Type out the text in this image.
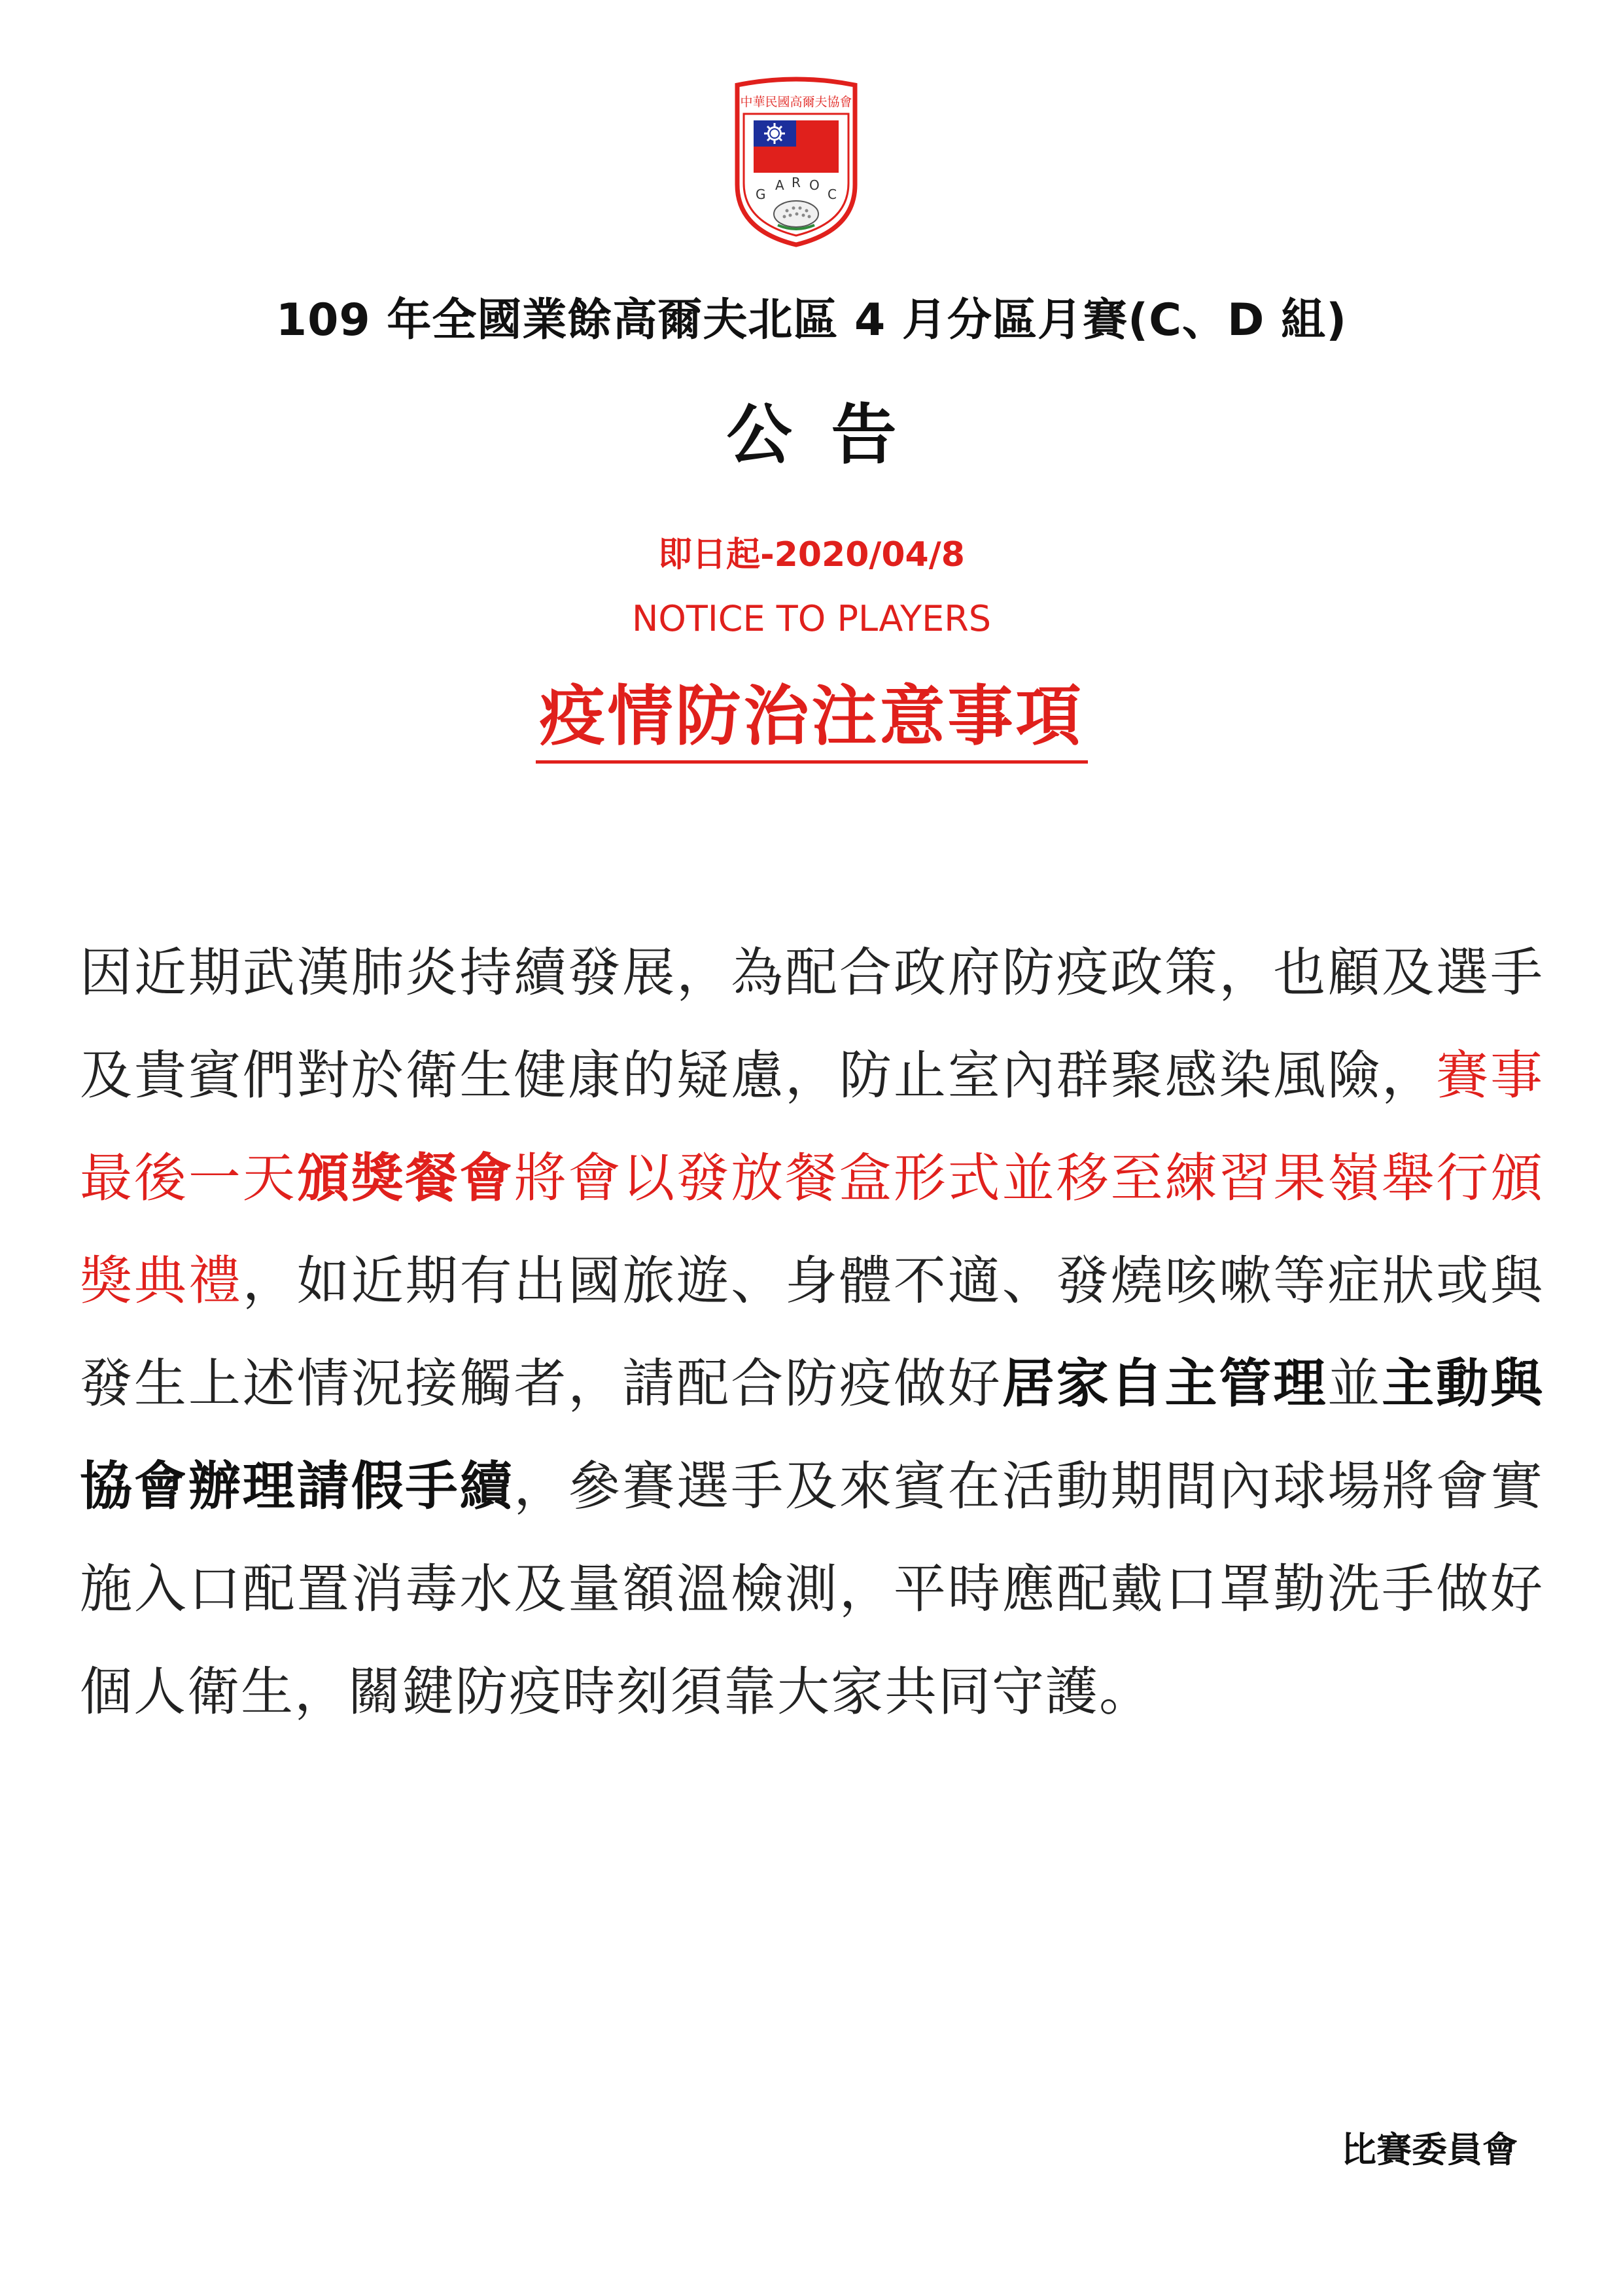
中華民國高爾夫協會
G
A R O
C
109 年全國業餘高爾夫北區 4 月分區月賽(C、D 組)
公告
即日起-2020/04/8
NOTICE TO PLAYERS
疫情防治注意事項
因近期武漢肺炎持續發展，為配合政府防疫政策，也顧及選手及貴賓們對於衛生健康的疑慮，防止室內群聚感染風險，賽事最後一天頒獎餐會將會以發放餐盒形式並移至練習果嶺舉行頒獎典禮，如近期有出國旅遊、身體不適、發燒咳嗽等症狀或與發生上述情況接觸者，請配合防疫做好居家自主管理並主動與協會辦理請假手續，參賽選手及來賓在活動期間內球場將會實施入口配置消毒水及量額溫檢測，平時應配戴口罩勤洗手做好個人衛生，關鍵防疫時刻須靠大家共同守護。
比賽委員會
